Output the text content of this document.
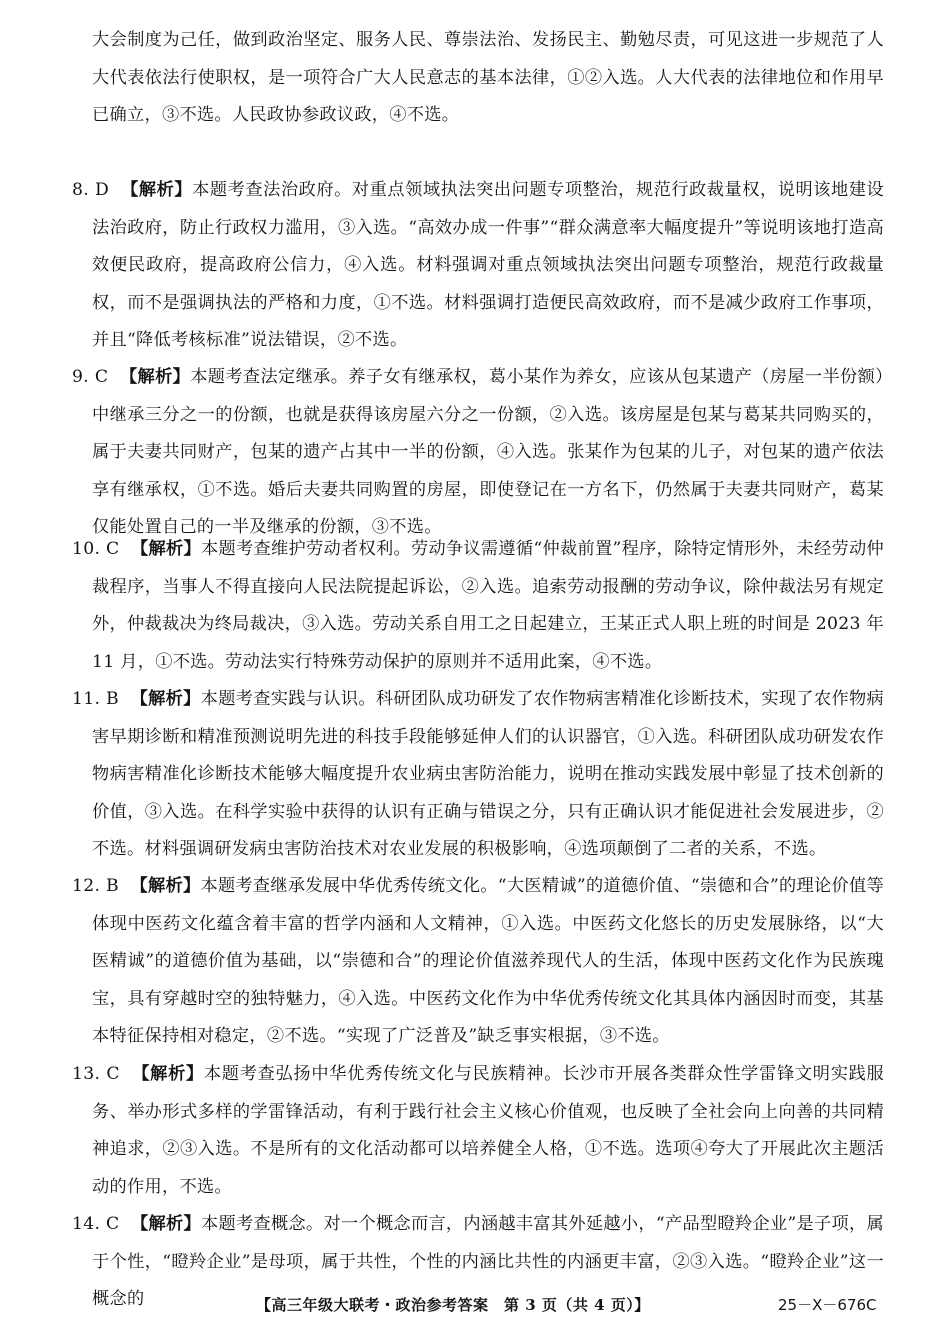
大会制度为己任，做到政治坚定、服务人民、尊崇法治、发扬民主、勤勉尽责，可见这进一步规范了人大代表依法行使职权，是一项符合广大人民意志的基本法律，①②入选。人大代表的法律地位和作用早已确立，③不选。人民政协参政议政，④不选。
8. D 【解析】本题考查法治政府。对重点领域执法突出问题专项整治，规范行政裁量权，说明该地建设法治政府，防止行政权力滥用，③入选。“高效办成一件事”“群众满意率大幅度提升”等说明该地打造高效便民政府，提高政府公信力，④入选。材料强调对重点领域执法突出问题专项整治，规范行政裁量权，而不是强调执法的严格和力度，①不选。材料强调打造便民高效政府，而不是减少政府工作事项，并且“降低考核标准”说法错误，②不选。
9. C 【解析】本题考查法定继承。养子女有继承权，葛小某作为养女，应该从包某遗产（房屋一半份额）中继承三分之一的份额，也就是获得该房屋六分之一份额，②入选。该房屋是包某与葛某共同购买的，属于夫妻共同财产，包某的遗产占其中一半的份额，④入选。张某作为包某的儿子，对包某的遗产依法享有继承权，①不选。婚后夫妻共同购置的房屋，即使登记在一方名下，仍然属于夫妻共同财产，葛某仅能处置自己的一半及继承的份额，③不选。
10. C 【解析】本题考查维护劳动者权利。劳动争议需遵循“仲裁前置”程序，除特定情形外，未经劳动仲裁程序，当事人不得直接向人民法院提起诉讼，②入选。追索劳动报酬的劳动争议，除仲裁法另有规定外，仲裁裁决为终局裁决，③入选。劳动关系自用工之日起建立，王某正式人职上班的时间是 2023 年 11 月，①不选。劳动法实行特殊劳动保护的原则并不适用此案，④不选。
11. B 【解析】本题考查实践与认识。科研团队成功研发了农作物病害精准化诊断技术，实现了农作物病害早期诊断和精准预测说明先进的科技手段能够延伸人们的认识器官，①入选。科研团队成功研发农作物病害精准化诊断技术能够大幅度提升农业病虫害防治能力，说明在推动实践发展中彰显了技术创新的价值，③入选。在科学实验中获得的认识有正确与错误之分，只有正确认识才能促进社会发展进步，②不选。材料强调研发病虫害防治技术对农业发展的积极影响，④选项颠倒了二者的关系，不选。
12. B 【解析】本题考查继承发展中华优秀传统文化。“大医精诚”的道德价值、“崇德和合”的理论价值等体现中医药文化蕴含着丰富的哲学内涵和人文精神，①入选。中医药文化悠长的历史发展脉络，以“大医精诚”的道德价值为基础，以“崇德和合”的理论价值滋养现代人的生活，体现中医药文化作为民族瑰宝，具有穿越时空的独特魅力，④入选。中医药文化作为中华优秀传统文化其具体内涵因时而变，其基本特征保持相对稳定，②不选。“实现了广泛普及”缺乏事实根据，③不选。
13. C 【解析】本题考查弘扬中华优秀传统文化与民族精神。长沙市开展各类群众性学雷锋文明实践服务、举办形式多样的学雷锋活动，有利于践行社会主义核心价值观，也反映了全社会向上向善的共同精神追求，②③入选。不是所有的文化活动都可以培养健全人格，①不选。选项④夸大了开展此次主题活动的作用，不选。
14. C 【解析】本题考查概念。对一个概念而言，内涵越丰富其外延越小，“产品型瞪羚企业”是子项，属于个性，“瞪羚企业”是母项，属于共性，个性的内涵比共性的内涵更丰富，②③入选。“瞪羚企业”这一概念的	【高三年级大联考・政治参考答案　第 3 页（共 4 页）】	25－X－676C
